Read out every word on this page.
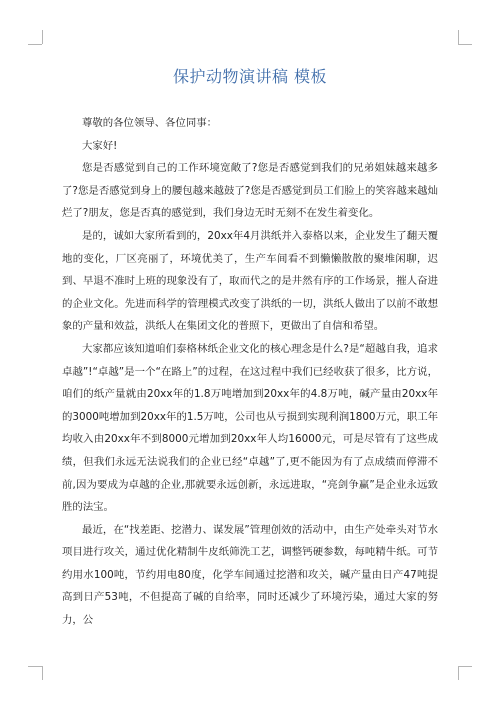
保护动物演讲稿 模板

尊敬的各位领导、各位同事：

大家好!

您是否感觉到自己的工作环境宽敞了?您是否感觉到我们的兄弟姐妹越来越多了?您是否感觉到身上的腰包越来越鼓了?您是否感觉到员工们脸上的笑容越来越灿烂了?朋友，您是否真的感觉到，我们身边无时无刻不在发生着变化。

是的，诚如大家所看到的，20xx年4月洪纸并入泰格以来，企业发生了翻天覆地的变化，厂区亮丽了，环境优美了，生产车间看不到懒懒散散的聚堆闲聊，迟到、早退不准时上班的现象没有了，取而代之的是井然有序的工作场景，摧人奋进的企业文化。先进而科学的管理模式改变了洪纸的一切，洪纸人做出了以前不敢想象的产量和效益，洪纸人在集团文化的普照下，更做出了自信和希望。

大家都应该知道咱们泰格林纸企业文化的核心理念是什么?是“超越自我，追求卓越”!“卓越”是一个“在路上”的过程，在这过程中我们已经收获了很多，比方说，咱们的纸产量就由20xx年的1.8万吨增加到20xx年的4.8万吨，碱产量由20xx年的3000吨增加到20xx年的1.5万吨，公司也从亏损到实现利润1800万元，职工年均收入由20xx年不到8000元增加到20xx年人均16000元，可是尽管有了这些成绩，但我们永远无法说我们的企业已经“卓越”了,更不能因为有了点成绩而停滞不前,因为要成为卓越的企业,那就要永远创新，永远进取，“亮剑争赢”是企业永远致胜的法宝。

最近，在“找差距、挖潜力、谋发展”管理创效的活动中，由生产处牵头对节水项目进行攻关，通过优化精制牛皮纸筛洗工艺，调整钙硬参数，每吨精牛纸。可节约用水100吨，节约用电80度，化学车间通过挖潜和攻关，碱产量由日产47吨提高到日产53吨，不但提高了碱的自给率，同时还减少了环境污染，通过大家的努力，公
